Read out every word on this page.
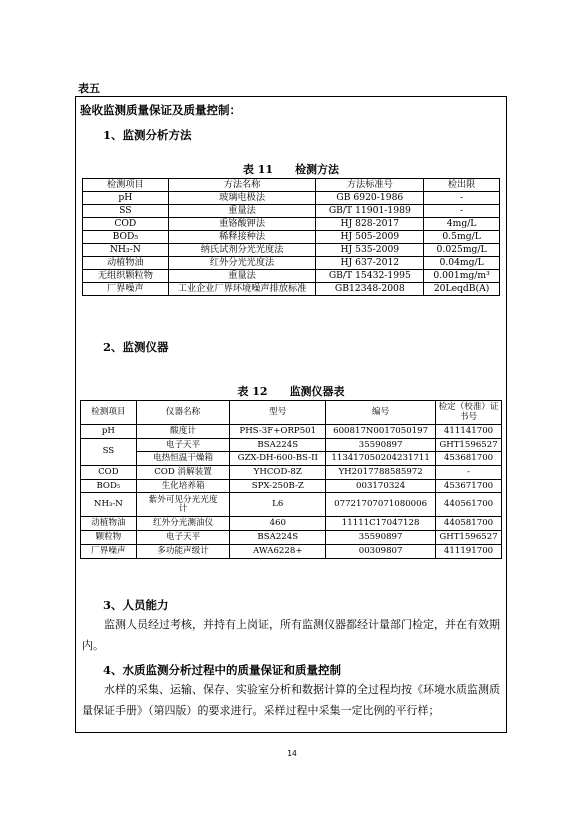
表五
验收监测质量保证及质量控制：
1、监测分析方法
表 11 检测方法
检测项目	方法名称	方法标准号	检出限
pH	玻璃电极法	GB 6920-1986	-
SS	重量法	GB/T 11901-1989	-
COD	重铬酸钾法	HJ 828-2017	4mg/L
BOD₅	稀释接种法	HJ 505-2009	0.5mg/L
NH₃-N	纳氏试剂分光光度法	HJ 535-2009	0.025mg/L
动植物油	红外分光光度法	HJ 637-2012	0.04mg/L
无组织颗粒物	重量法	GB/T 15432-1995	0.001mg/m³
厂界噪声	工业企业厂界环境噪声排放标准	GB12348-2008	20LeqdB(A)
2、监测仪器
表 12 监测仪器表
检测项目	仪器名称	型号	编号	检定（校准）证书号
pH	酸度计	PHS-3F+ORP501	600817N0017050197	411141700
SS	电子天平	BSA224S	35590897	GHT1596527
	电热恒温干燥箱	GZX-DH-600-BS-II	11341705020423171​1	453681700
COD	COD 消解装置	YHCOD-8Z	YH2017788585972	-
BOD₅	生化培养箱	SPX-250B-Z	003170324	453671700
NH₃-N	紫外可见分光光度计	L6	07721707071080006	440561700
动植物油	红外分光测油仪	460	11111C17047128	440581700
颗粒物	电子天平	BSA224S	35590897	GHT1596527
厂界噪声	多功能声级计	AWA6228+	00309807	411191700
3、人员能力
监测人员经过考核，并持有上岗证，所有监测仪器都经计量部门检定，并在有效期内。
4、水质监测分析过程中的质量保证和质量控制
水样的采集、运输、保存、实验室分析和数据计算的全过程均按《环境水质监测质量保证手册》（第四版）的要求进行。采样过程中采集一定比例的平行样；
14
